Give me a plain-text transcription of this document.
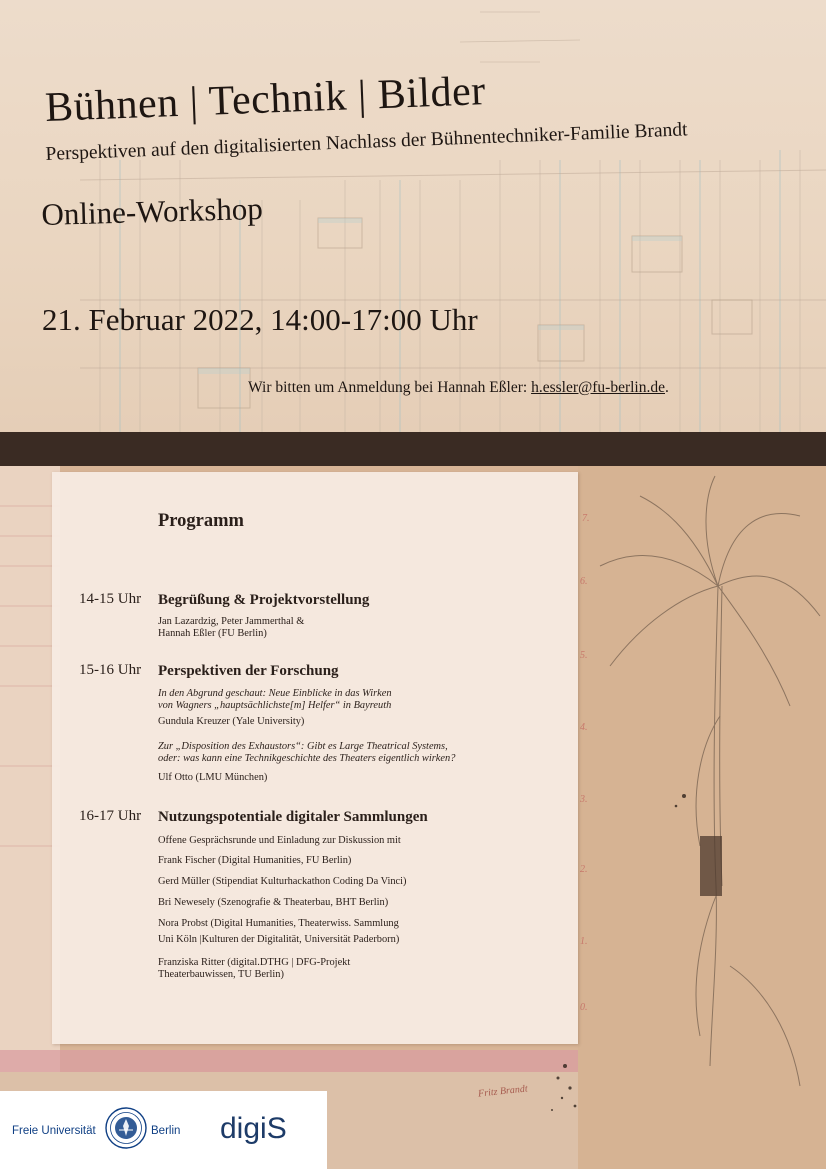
Bühnen | Technik | Bilder
Perspektiven auf den digitalisierten Nachlass der Bühnentechniker-Familie Brandt
Online-Workshop
21. Februar 2022, 14:00-17:00 Uhr
Wir bitten um Anmeldung bei Hannah Eßler: h.essler@fu-berlin.de.
7.
6.
5.
4.
3.
2.
1.
0.
Programm
14-15 Uhr Begrüßung & Projektvorstellung
Jan Lazardzig, Peter Jammerthal &
Hannah Eßler (FU Berlin)
15-16 Uhr Perspektiven der Forschung
In den Abgrund geschaut: Neue Einblicke in das Wirken
von Wagners „hauptsächlichste[m] Helfer“ in Bayreuth
Gundula Kreuzer (Yale University)
Zur „Disposition des Exhaustors“: Gibt es Large Theatrical Systems,
oder: was kann eine Technikgeschichte des Theaters eigentlich wirken?
Ulf Otto (LMU München)
16-17 Uhr Nutzungspotentiale digitaler Sammlungen
Offene Gesprächsrunde und Einladung zur Diskussion mit
Frank Fischer (Digital Humanities, FU Berlin)
Gerd Müller (Stipendiat Kulturhackathon Coding Da Vinci)
Bri Newesely (Szenografie & Theaterbau, BHT Berlin)
Nora Probst (Digital Humanities, Theaterwiss. Sammlung
Uni Köln |Kulturen der Digitalität, Universität Paderborn)
Franziska Ritter (digital.DTHG | DFG-Projekt
Theaterbauwissen, TU Berlin)
Fritz Brandt
Freie Universität	Berlin digiS
